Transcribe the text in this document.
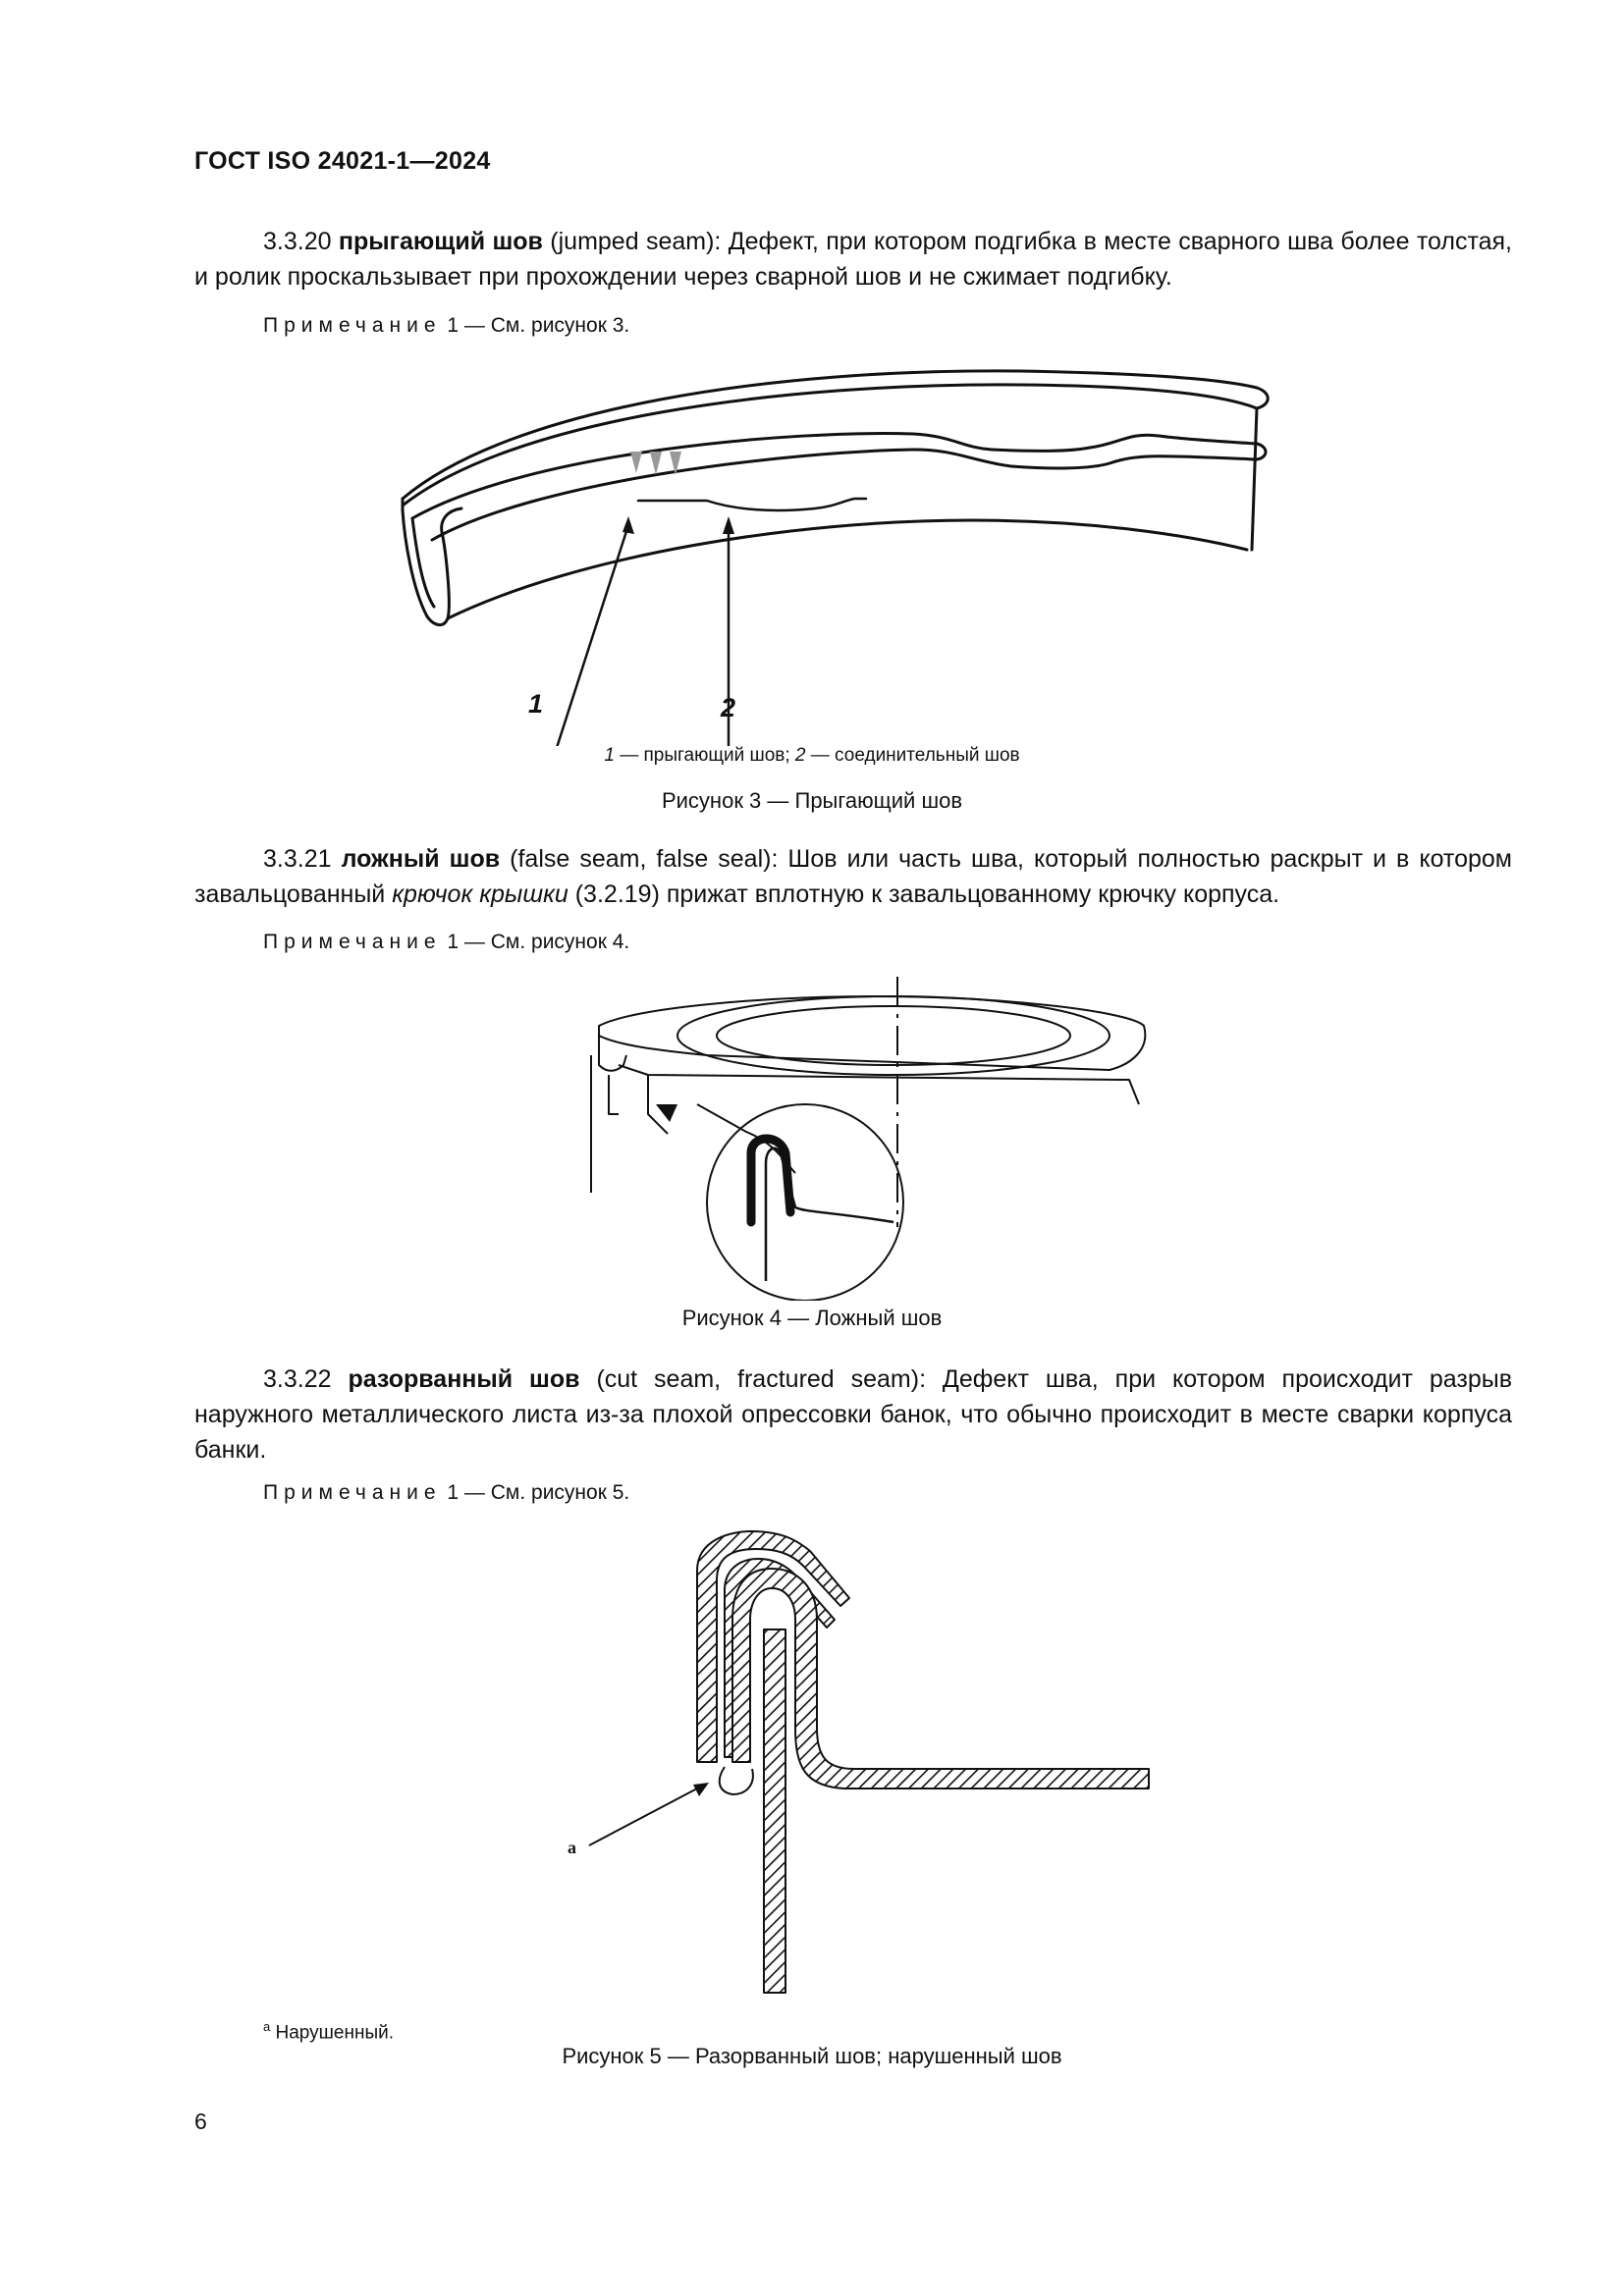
ГОСТ ISO 24021-1—2024

3.3.20 прыгающий шов (jumped seam): Дефект, при котором подгибка в месте сварного шва более толстая, и ролик проскальзывает при прохождении через сварной шов и не сжимает подгибку.

Примечание 1 — См. рисунок 3.
1	2
1 — прыгающий шов; 2 — соединительный шов
Рисунок 3 — Прыгающий шов

3.3.21 ложный шов (false seam, false seal): Шов или часть шва, который полностью раскрыт и в котором завальцованный крючок крышки (3.2.19) прижат вплотную к завальцованному крючку корпуса.

Примечание 1 — См. рисунок 4.
Рисунок 4 — Ложный шов

3.3.22 разорванный шов (cut seam, fractured seam): Дефект шва, при котором происходит разрыв наружного металлического листа из-за плохой опрессовки банок, что обычно происходит в месте сварки корпуса банки.

Примечание 1 — См. рисунок 5.
a
$^a$ Нарушенный.
Рисунок 5 — Разорванный шов; нарушенный шов
6
